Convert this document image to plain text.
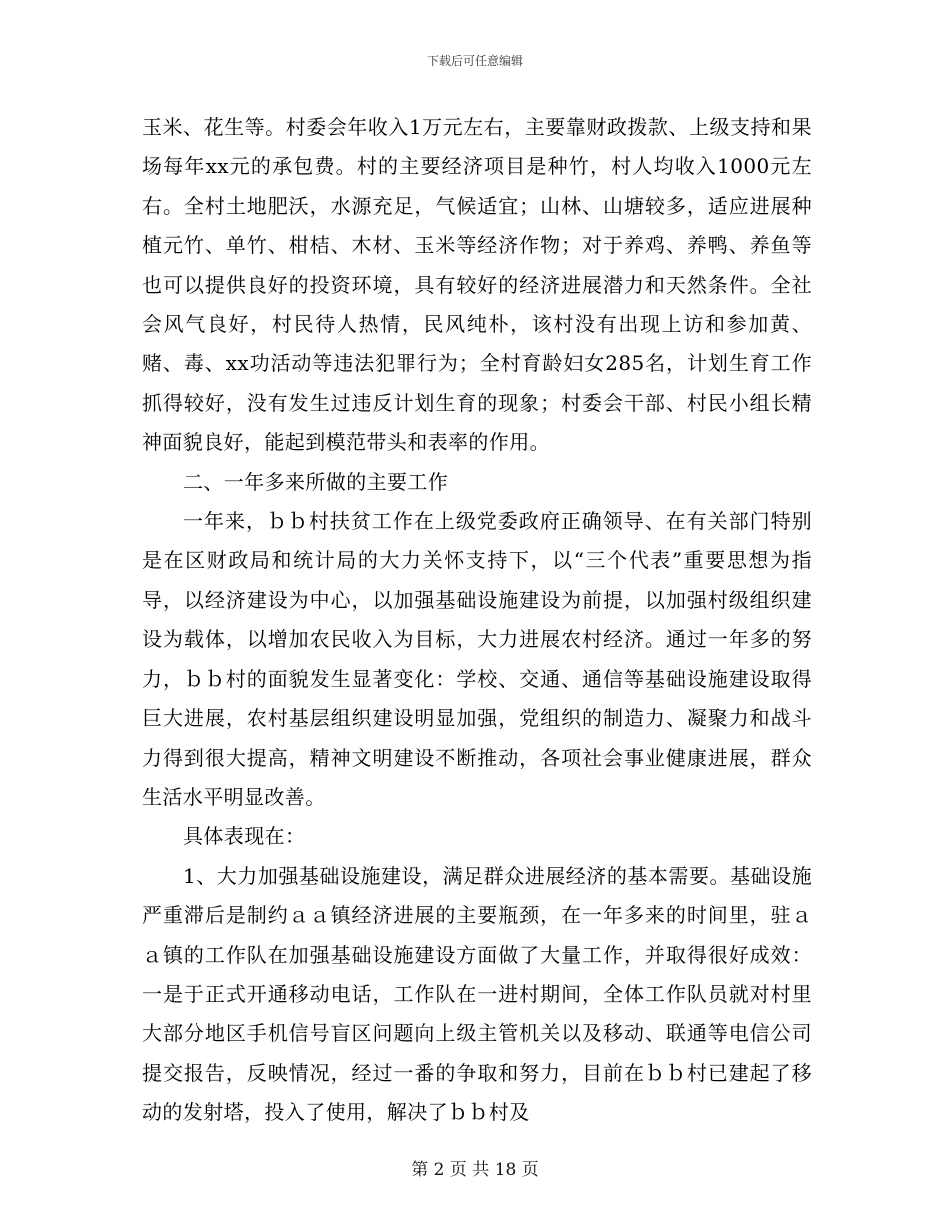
下载后可任意编辑

玉米、花生等。村委会年收入1万元左右，主要靠财政拨款、上级支持和果场每年xx元的承包费。村的主要经济项目是种竹，村人均收入1000元左右。全村土地肥沃，水源充足，气候适宜；山林、山塘较多，适应进展种植元竹、单竹、柑桔、木材、玉米等经济作物；对于养鸡、养鸭、养鱼等也可以提供良好的投资环境，具有较好的经济进展潜力和天然条件。全社会风气良好，村民待人热情，民风纯朴，该村没有出现上访和参加黄、赌、毒、xx功活动等违法犯罪行为；全村育龄妇女285名，计划生育工作抓得较好，没有发生过违反计划生育的现象；村委会干部、村民小组长精神面貌良好，能起到模范带头和表率的作用。

二、一年多来所做的主要工作

一年来，ｂｂ村扶贫工作在上级党委政府正确领导、在有关部门特别是在区财政局和统计局的大力关怀支持下，以“三个代表”重要思想为指导，以经济建设为中心，以加强基础设施建设为前提，以加强村级组织建设为载体，以增加农民收入为目标，大力进展农村经济。通过一年多的努力，ｂｂ村的面貌发生显著变化：学校、交通、通信等基础设施建设取得巨大进展，农村基层组织建设明显加强，党组织的制造力、凝聚力和战斗力得到很大提高，精神文明建设不断推动，各项社会事业健康进展，群众生活水平明显改善。

具体表现在：

1、大力加强基础设施建设，满足群众进展经济的基本需要。基础设施严重滞后是制约ａａ镇经济进展的主要瓶颈，在一年多来的时间里，驻ａａ镇的工作队在加强基础设施建设方面做了大量工作，并取得很好成效：一是于正式开通移动电话，工作队在一进村期间，全体工作队员就对村里大部分地区手机信号盲区问题向上级主管机关以及移动、联通等电信公司提交报告，反映情况，经过一番的争取和努力，目前在ｂｂ村已建起了移动的发射塔，投入了使用，解决了ｂｂ村及

第 2 页 共 18 页
